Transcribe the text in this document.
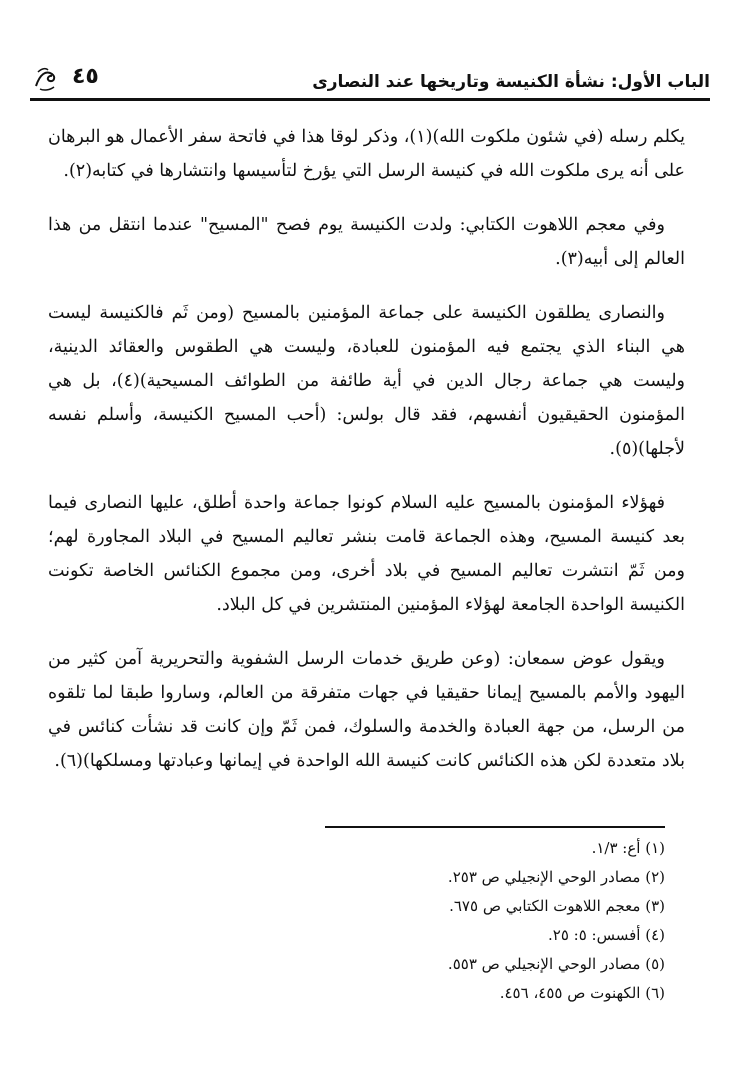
الباب الأول: نشأة الكنيسة وتاريخها عند النصارى
٤٥

يكلم رسله (في شئون ملكوت الله)(١)، وذكر لوقا هذا في فاتحة سفر الأعمال هو البرهان على أنه يرى ملكوت الله في كنيسة الرسل التي يؤرخ لتأسيسها وانتشارها في كتابه(٢).

وفي معجم اللاهوت الكتابي: ولدت الكنيسة يوم فصح "المسيح" عندما انتقل من هذا العالم إلى أبيه(٣).

والنصارى يطلقون الكنيسة على جماعة المؤمنين بالمسيح (ومن ثَم فالكنيسة ليست هي البناء الذي يجتمع فيه المؤمنون للعبادة، وليست هي الطقوس والعقائد الدينية، وليست هي جماعة رجال الدين في أية طائفة من الطوائف المسيحية)(٤)، بل هي المؤمنون الحقيقيون أنفسهم، فقد قال بولس: (أحب المسيح الكنيسة، وأسلم نفسه لأجلها)(٥).

فهؤلاء المؤمنون بالمسيح عليه السلام كونوا جماعة واحدة أطلق، عليها النصارى فيما بعد كنيسة المسيح، وهذه الجماعة قامت بنشر تعاليم المسيح في البلاد المجاورة لهم؛ ومن ثَمّ انتشرت تعاليم المسيح في بلاد أخرى، ومن مجموع الكنائس الخاصة تكونت الكنيسة الواحدة الجامعة لهؤلاء المؤمنين المنتشرين في كل البلاد.

ويقول عوض سمعان: (وعن طريق خدمات الرسل الشفوية والتحريرية آمن كثير من اليهود والأمم بالمسيح إيمانا حقيقيا في جهات متفرقة من العالم، وساروا طبقا لما تلقوه من الرسل، من جهة العبادة والخدمة والسلوك، فمن ثَمّ وإن كانت قد نشأت كنائس في بلاد متعددة لكن هذه الكنائس كانت كنيسة الله الواحدة في إيمانها وعبادتها ومسلكها)(٦).

(١) أع: ١/٣.
(٢) مصادر الوحي الإنجيلي ص ٢٥٣.
(٣) معجم اللاهوت الكتابي ص ٦٧٥.
(٤) أفسس: ٥: ٢٥.
(٥) مصادر الوحي الإنجيلي ص ٥٥٣.
(٦) الكهنوت ص ٤٥٥، ٤٥٦.
